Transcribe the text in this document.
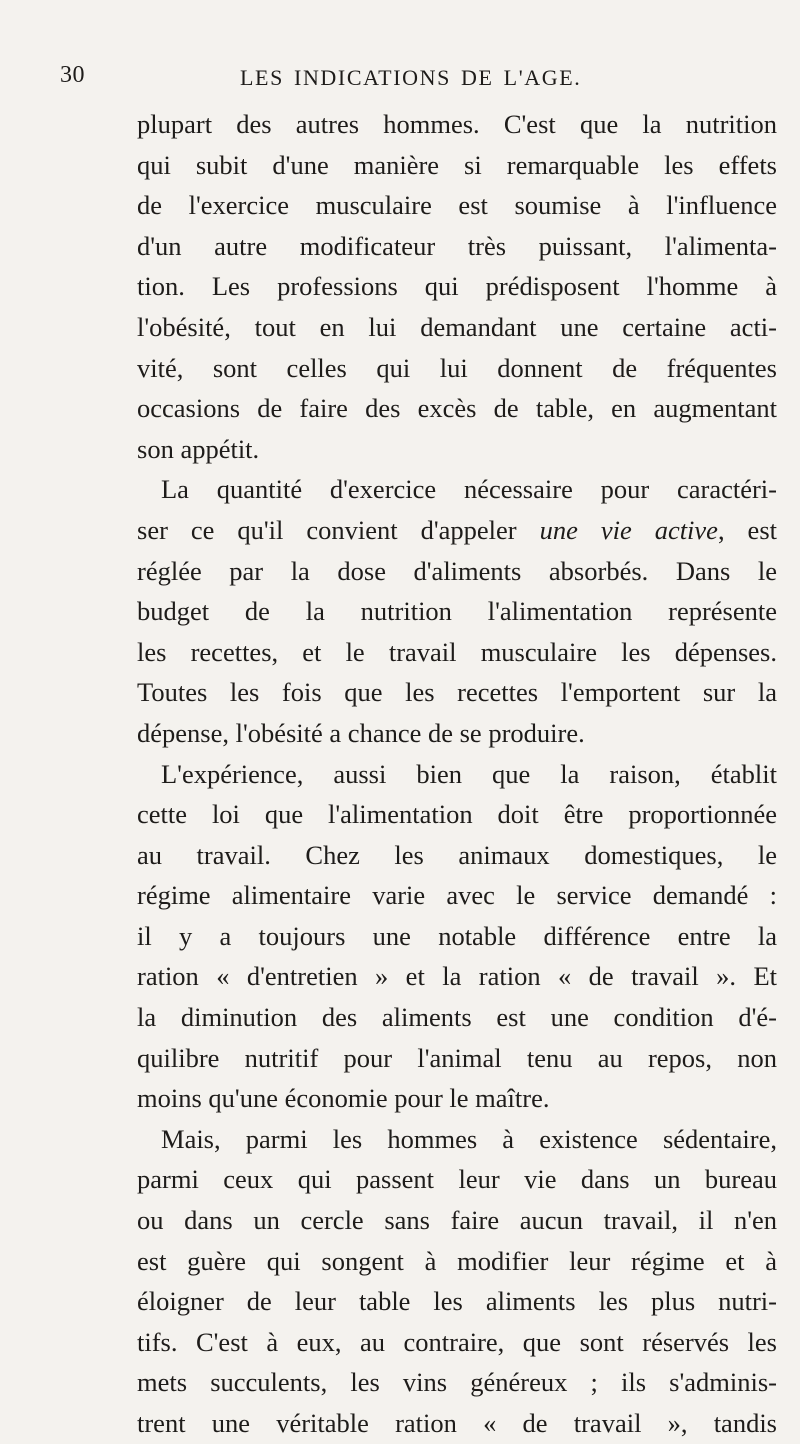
30	LES INDICATIONS DE L'AGE.
plupart des autres hommes. C'est que la nutrition
qui subit d'une manière si remarquable les effets
de l'exercice musculaire est soumise à l'influence
d'un autre modificateur très puissant, l'alimenta-
tion. Les professions qui prédisposent l'homme à
l'obésité, tout en lui demandant une certaine acti-
vité, sont celles qui lui donnent de fréquentes
occasions de faire des excès de table, en augmentant
son appétit.
La quantité d'exercice nécessaire pour caractéri-
ser ce qu'il convient d'appeler une vie active, est
réglée par la dose d'aliments absorbés. Dans le
budget de la nutrition l'alimentation représente
les recettes, et le travail musculaire les dépenses.
Toutes les fois que les recettes l'emportent sur la
dépense, l'obésité a chance de se produire.
L'expérience, aussi bien que la raison, établit
cette loi que l'alimentation doit être proportionnée
au travail. Chez les animaux domestiques, le
régime alimentaire varie avec le service demandé :
il y a toujours une notable différence entre la
ration « d'entretien » et la ration « de travail ». Et
la diminution des aliments est une condition d'é-
quilibre nutritif pour l'animal tenu au repos, non
moins qu'une économie pour le maître.
Mais, parmi les hommes à existence sédentaire,
parmi ceux qui passent leur vie dans un bureau
ou dans un cercle sans faire aucun travail, il n'en
est guère qui songent à modifier leur régime et à
éloigner de leur table les aliments les plus nutri-
tifs. C'est à eux, au contraire, que sont réservés les
mets succulents, les vins généreux ; ils s'adminis-
trent une véritable ration « de travail », tandis
